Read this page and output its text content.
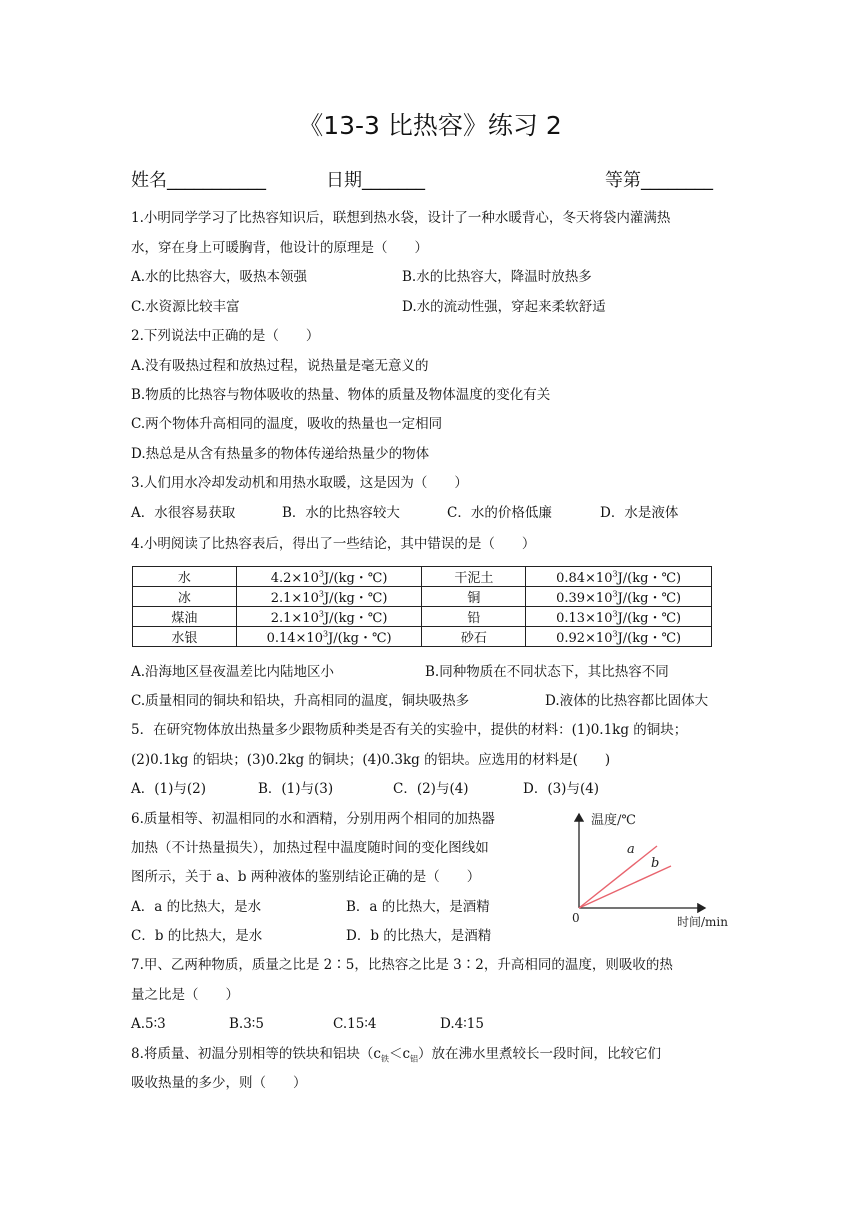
《13-3 比热容》练习 2
姓名___________	日期_______	等第________
1.小明同学学习了比热容知识后，联想到热水袋，设计了一种水暖背心，冬天将袋内灌满热
水，穿在身上可暖胸背，他设计的原理是（　　）
A.水的比热容大，吸热本领强	B.水的比热容大，降温时放热多
C.水资源比较丰富	D.水的流动性强，穿起来柔软舒适
2.下列说法中正确的是（　　）
A.没有吸热过程和放热过程，说热量是毫无意义的
B.物质的比热容与物体吸收的热量、物体的质量及物体温度的变化有关
C.两个物体升高相同的温度，吸收的热量也一定相同
D.热总是从含有热量多的物体传递给热量少的物体
3.人们用水冷却发动机和用热水取暖，这是因为（　　）
A．水很容易获取	B．水的比热容较大	C．水的价格低廉	D．水是液体
4.小明阅读了比热容表后，得出了一些结论，其中错误的是（　　）
水	$4.2\times 10^3J/(kg$・℃)	干泥土	$0.84\times 10^3J/(kg$・℃)
冰	$2.1\times 10^3J/(kg$・℃)	铜	$0.39\times 10^3J/(kg$・℃)
煤油	$2.1\times 10^3J/(kg$・℃)	铅	$0.13\times 10^3J/(kg$・℃)
水银	$0.14\times 10^3J/(kg$・℃)	砂石	$0.92\times 10^3J/(kg$・℃)
A.沿海地区昼夜温差比内陆地区小	B.同种物质在不同状态下，其比热容不同
C.质量相同的铜块和铅块，升高相同的温度，铜块吸热多	D.液体的比热容都比固体大
5．在研究物体放出热量多少跟物质种类是否有关的实验中，提供的材料：(1)0.1kg 的铜块；
(2)0.1kg 的铝块；(3)0.2kg 的铜块；(4)0.3kg 的铝块。应选用的材料是(　　)
A．(1)与(2)	B．(1)与(3)	C．(2)与(4)	D．(3)与(4)
6.质量相等、初温相同的水和酒精，分别用两个相同的加热器
加热（不计热量损失），加热过程中温度随时间的变化图线如
图所示，关于 a、b 两种液体的鉴别结论正确的是（　　）
A．a 的比热大，是水	B．a 的比热大，是酒精
C．b 的比热大，是水	D．b 的比热大，是酒精
温度/℃
时间/min
0
a
b
7.甲、乙两种物质，质量之比是 2∶5，比热容之比是 3∶2，升高相同的温度，则吸收的热
量之比是（　　）
A.5∶3	B.3∶5	C.15∶4	D.4∶15
8.将质量、初温分别相等的铁块和铝块$(c_铁<c_铝)$放在沸水里煮较长一段时间，比较它们
吸收热量的多少，则（　　）
